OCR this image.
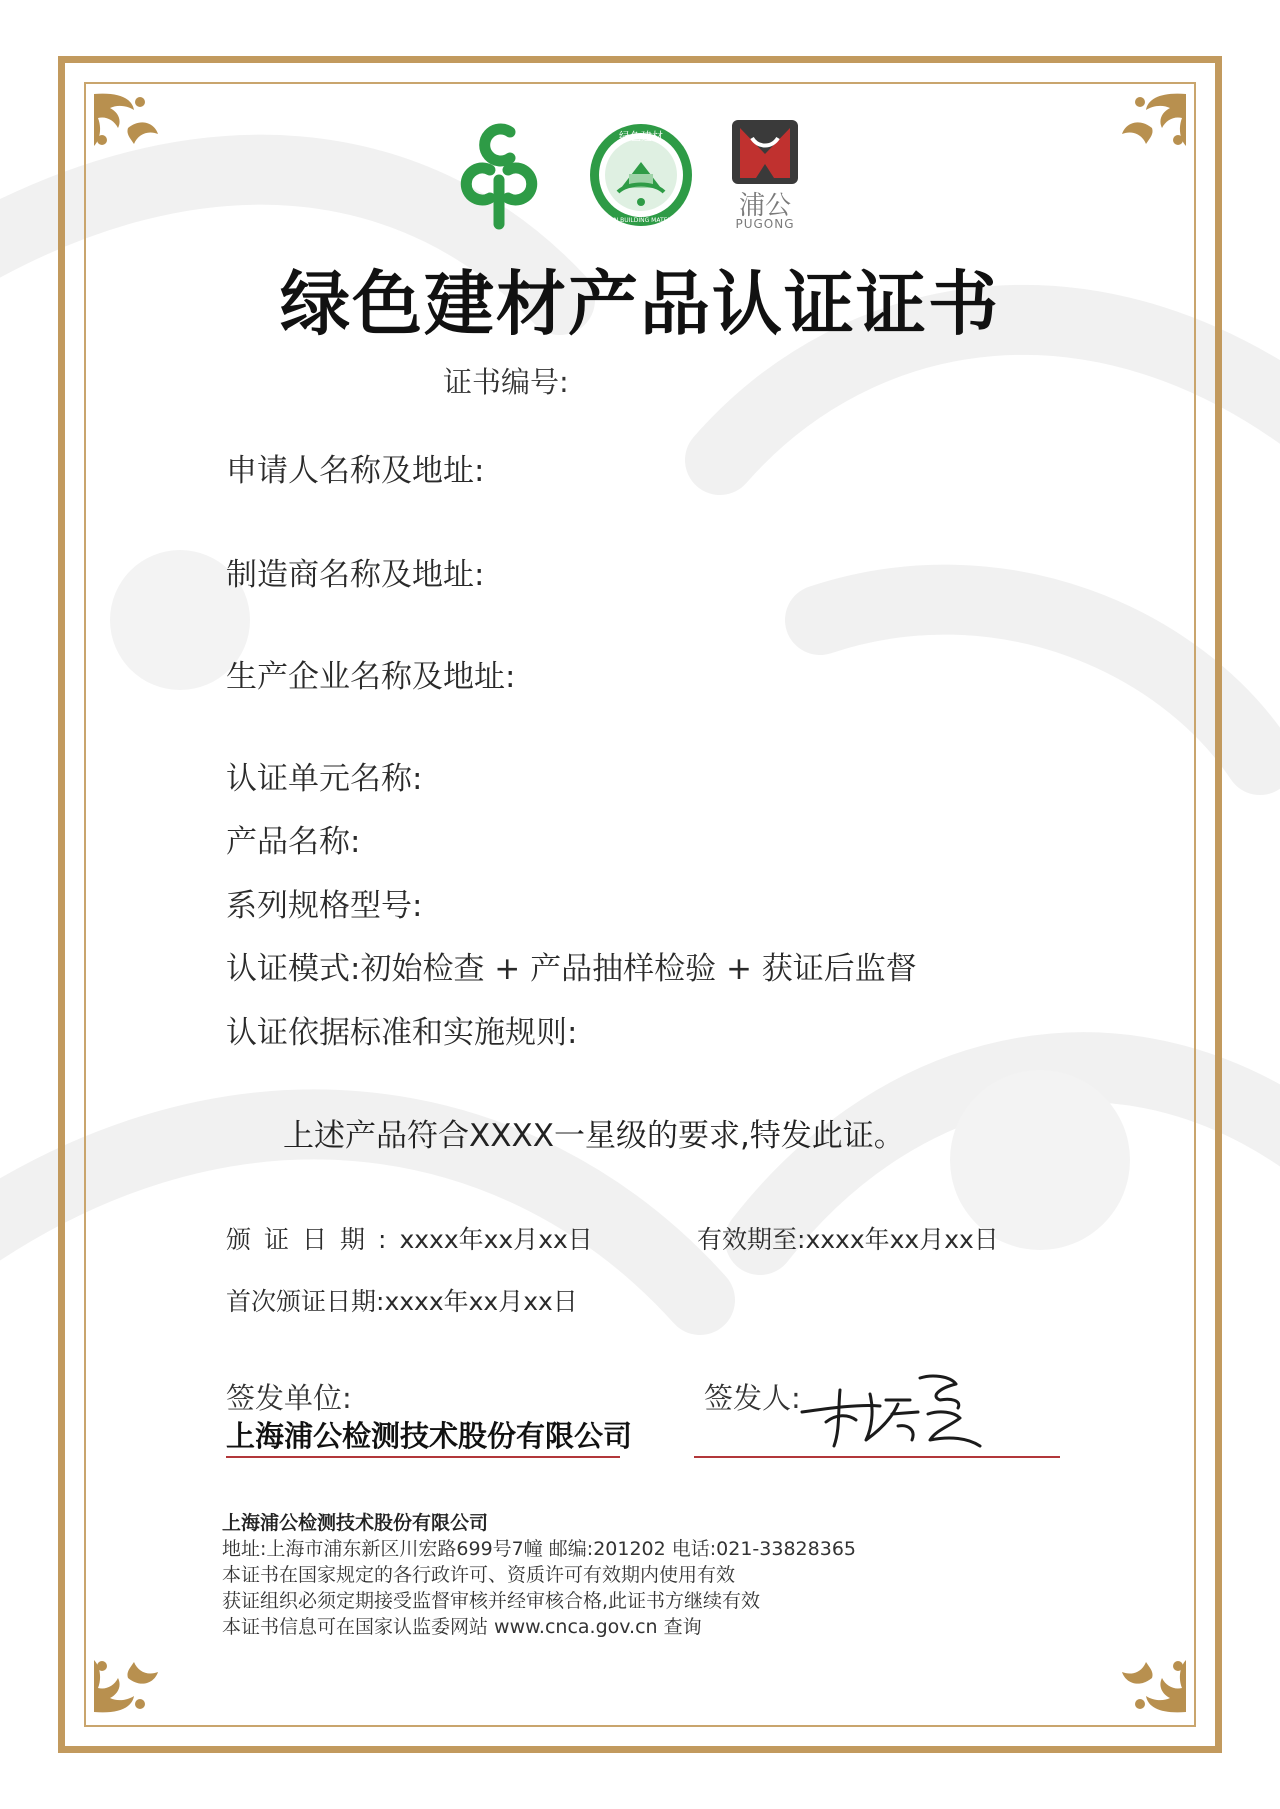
绿色建材
GREEN BUILDING MATERIALS	浦公
PUGONG
绿色建材产品认证证书
证书编号:
申请人名称及地址:
制造商名称及地址:
生产企业名称及地址:
认证单元名称:
产品名称:
系列规格型号:
认证模式:初始检查 + 产品抽样检验 + 获证后监督
认证依据标准和实施规则:
上述产品符合XXXX一星级的要求,特发此证。
颁证日期:xxxx年xx月xx日	有效期至:xxxx年xx月xx日
首次颁证日期:xxxx年xx月xx日
签发单位:
上海浦公检测技术股份有限公司
签发人:
上海浦公检测技术股份有限公司
地址:上海市浦东新区川宏路699号7幢 邮编:201202 电话:021-33828365
本证书在国家规定的各行政许可、资质许可有效期内使用有效
获证组织必须定期接受监督审核并经审核合格,此证书方继续有效
本证书信息可在国家认监委网站 www.cnca.gov.cn 查询
